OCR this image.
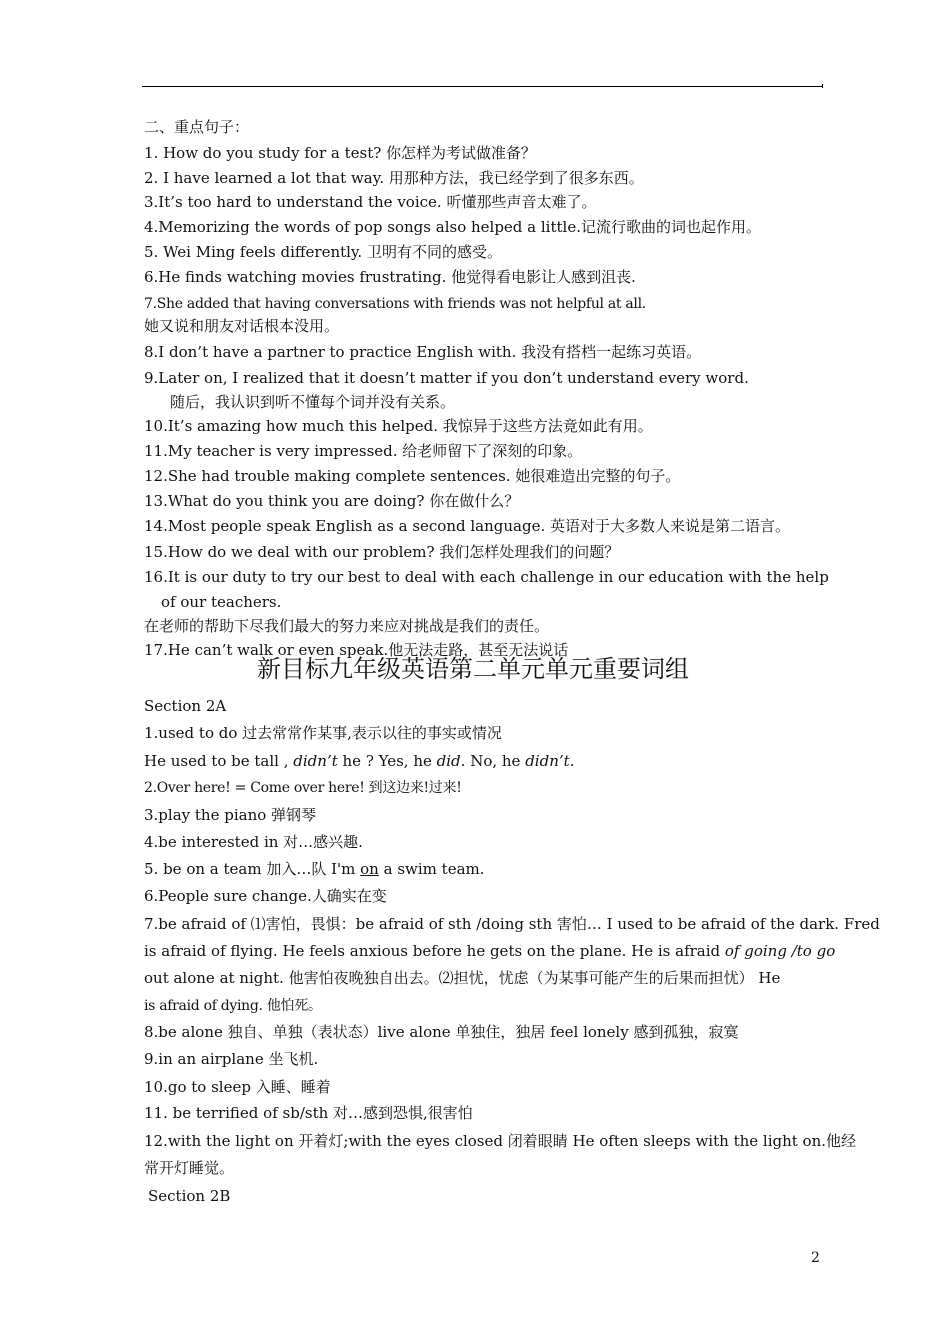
二、重点句子：
1. How do you study for a test? 你怎样为考试做准备？
2. I have learned a lot that way. 用那种方法，我已经学到了很多东西。
3.It’s too hard to understand the voice. 听懂那些声音太难了。
4.Memorizing the words of pop songs also helped a little.记流行歌曲的词也起作用。
5. Wei Ming feels differently. 卫明有不同的感受。
6.He finds watching movies frustrating. 他觉得看电影让人感到沮丧.
7.She added that having conversations with friends was not helpful at all.
她又说和朋友对话根本没用。
8.I don’t have a partner to practice English with. 我没有搭档一起练习英语。
9.Later on, I realized that it doesn’t matter if you don’t understand every word.
随后，我认识到听不懂每个词并没有关系。
10.It’s amazing how much this helped. 我惊异于这些方法竟如此有用。
11.My teacher is very impressed. 给老师留下了深刻的印象。
12.She had trouble making complete sentences. 她很难造出完整的句子。
13.What do you think you are doing? 你在做什么？
14.Most people speak English as a second language. 英语对于大多数人来说是第二语言。
15.How do we deal with our problem? 我们怎样处理我们的问题？
16.It is our duty to try our best to deal with each challenge in our education with the help
of our teachers.
在老师的帮助下尽我们最大的努力来应对挑战是我们的责任。
17.He can’t walk or even speak.他无法走路，甚至无法说话
新目标九年级英语第二单元单元重要词组
Section 2A
1.used to do 过去常常作某事,表示以往的事实或情况
He used to be tall , didn’t he ? Yes, he did. No, he didn’t.
2.Over here! = Come over here! 到这边来!过来!
3.play the piano 弹钢琴
4.be interested in 对…感兴趣.
5. be on a team 加入…队 I'm on a swim team.
6.People sure change.人确实在变
7.be afraid of ⑴害怕，畏惧：be afraid of sth /doing sth 害怕… I used to be afraid of the dark. Fred
is afraid of flying. He feels anxious before he gets on the plane. He is afraid of going /to go
out alone at night. 他害怕夜晚独自出去。⑵担忧，忧虑（为某事可能产生的后果而担忧） He
is afraid of dying. 他怕死。
8.be alone 独自、单独（表状态）live alone 单独住，独居 feel lonely 感到孤独，寂寞
9.in an airplane 坐飞机.
10.go to sleep 入睡、睡着
11. be terrified of sb/sth 对…感到恐惧,很害怕
12.with the light on 开着灯;with the eyes closed 闭着眼睛 He often sleeps with the light on.他经
常开灯睡觉。
Section 2B
2
